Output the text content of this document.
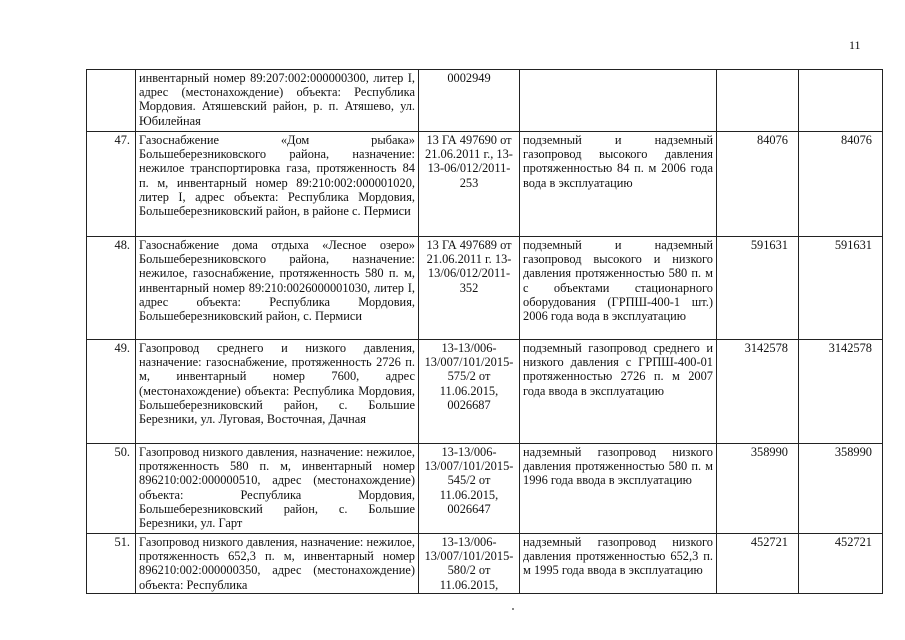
11
	инвентарный номер 89:207:002:000000300, литер I, адрес (местонахождение) объекта: Республика Мордовия. Атяшевский район, р. п. Атяшево, ул. Юбилейная	0002949			
47.	Газоснабжение «Дом рыбака» Большеберезниковского района, назначение: нежилое транспортировка газа, протяженность 84 п. м, инвентарный номер 89:210:002:000001020, литер I, адрес объекта: Республика Мордовия, Большеберезниковский район, в районе с. Пермиси	13 ГА 497690 от 21.06.2011 г., 13-13-06/012/2011-253	подземный и надземный газопровод высокого давления протяженностью 84 п. м 2006 года вода в эксплуатацию	84076	84076
48.	Газоснабжение дома отдыха «Лесное озеро» Большеберезниковского района, назначение: нежилое, газоснабжение, протяженность 580 п. м, инвентарный номер 89:210:0026000001030, литер I, адрес объекта: Республика Мордовия, Большеберезниковский район, с. Пермиси	13 ГА 497689 от 21.06.2011 г. 13-13/06/012/2011-352	подземный и надземный газопровод высокого и низкого давления протяженностью 580 п. м с объектами стационарного оборудования (ГРПШ-400-1 шт.) 2006 года вода в эксплуатацию	591631	591631
49.	Газопровод среднего и низкого давления, назначение: газоснабжение, протяженность 2726 п. м, инвентарный номер 7600, адрес (местонахождение) объекта: Республика Мордовия, Большеберезниковский район, с. Большие Березники, ул. Луговая, Восточная, Дачная	13-13/006-13/007/101/2015-575/2 от 11.06.2015, 0026687	подземный газопровод среднего и низкого давления с ГРПШ-400-01 протяженностью 2726 п. м 2007 года ввода в эксплуатацию	3142578	3142578
50.	Газопровод низкого давления, назначение: нежилое, протяженность 580 п. м, инвентарный номер 896210:002:000000510, адрес (местонахождение) объекта: Республика Мордовия, Большеберезниковский район, с. Большие Березники, ул. Гарт	13-13/006-13/007/101/2015-545/2 от 11.06.2015, 0026647	надземный газопровод низкого давления протяженностью 580 п. м 1996 года ввода в эксплуатацию	358990	358990
51.	Газопровод низкого давления, назначение: нежилое, протяженность 652,3 п. м, инвентарный номер 896210:002:000000350, адрес (местонахождение) объекта: Республика	13-13/006-13/007/101/2015-580/2 от 11.06.2015,	надземный газопровод низкого давления протяженностью 652,3 п. м 1995 года ввода в эксплуатацию	452721	452721
